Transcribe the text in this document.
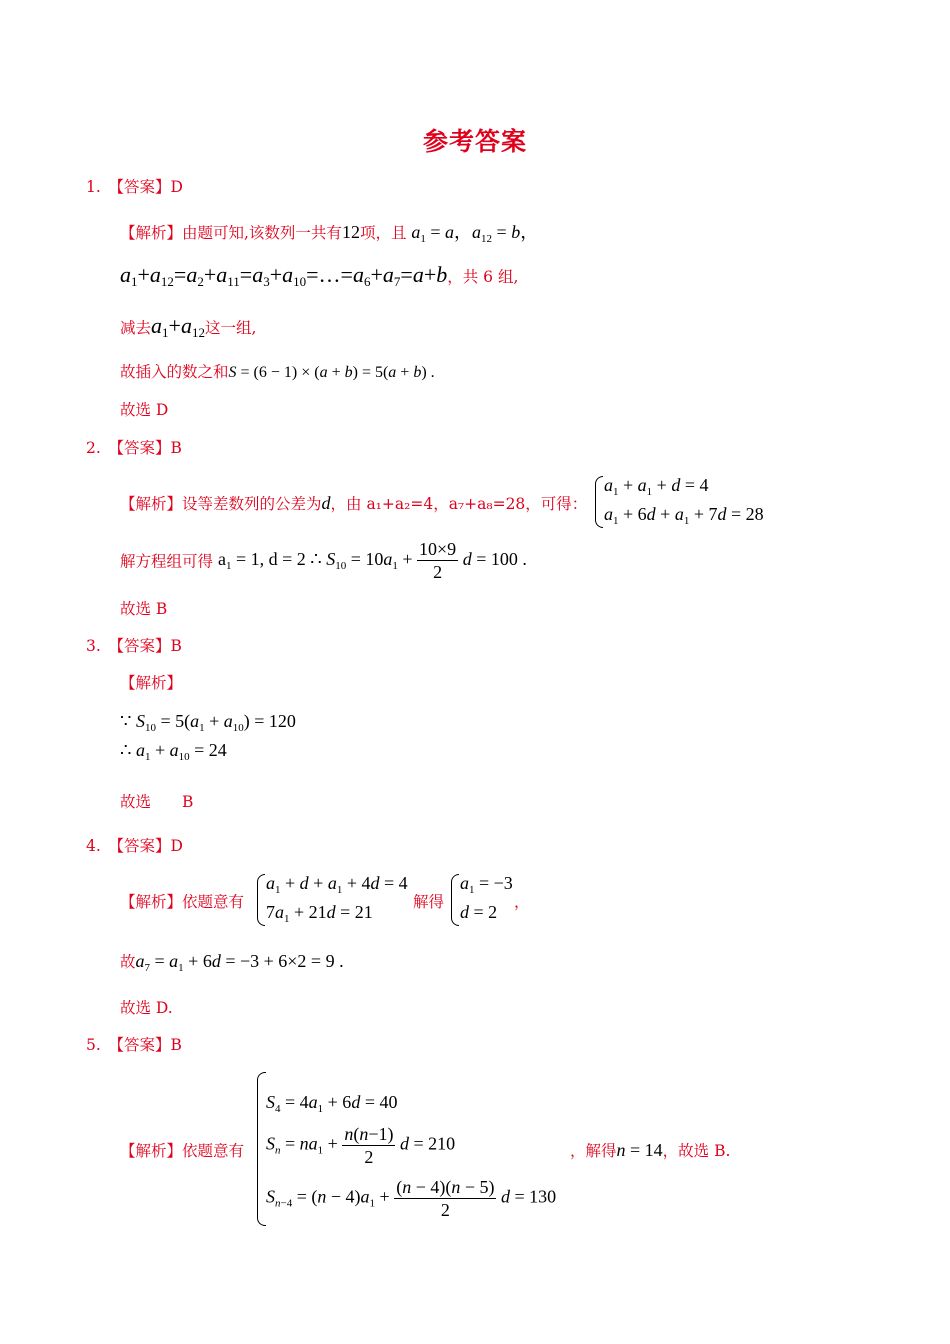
参考答案
1.　【答案】D
【解析】由题可知,该数列一共有12项，且 $a_1 = a$，$a_{12} = b$，
$a_1+a_{12}=a_2+a_{11}=a_3+a_{10}=\dots=a_6+a_7=a+b$，共 6 组,
减去$a_1+a_{12}$这一组,
故插入的数之和S = (6 − 1) × (a + b) = 5(a + b) .
故选 D
2.　【答案】B
【解析】设等差数列的公差为d，由 a₁+a₂=4，a₇+a₈=28，可得：
$a_1 + a_1 + d = 4$
$a_1 + 6d + a_1 + 7d = 28$
解方程组可得 $a_1 = 1$, d = 2 ∴ $S_{10} = 10a_1 + \frac{10\times 9}{2}$ d = 100 .
故选 B
3.　【答案】B
【解析】
∵ $S_{10} = 5(a_1 + a_{10}) = 120$
∴ $a_1 + a_{10} = 24$
故选　　B
4.　【答案】D
【解析】依题意有
$a_1 + d + a_1 + 4d = 4$
$7a_1 + 21d = 21$	解得
$a_1 = -3$
d = 2 ，
故$a_7 = a_1 + 6d = -3 + 6\times 2 = 9$ .
故选 D.
5.　【答案】B
【解析】依题意有
$S_4 = 4a_1 + 6d = 40$
$S_n = na_1 + \frac{n(n-1)}{2}$ d = 210
$S_{n-4} = (n - 4)a_1 + \frac{(n - 4)(n - 5)}{2}$ d = 130
，解得n = 14，故选 B.
